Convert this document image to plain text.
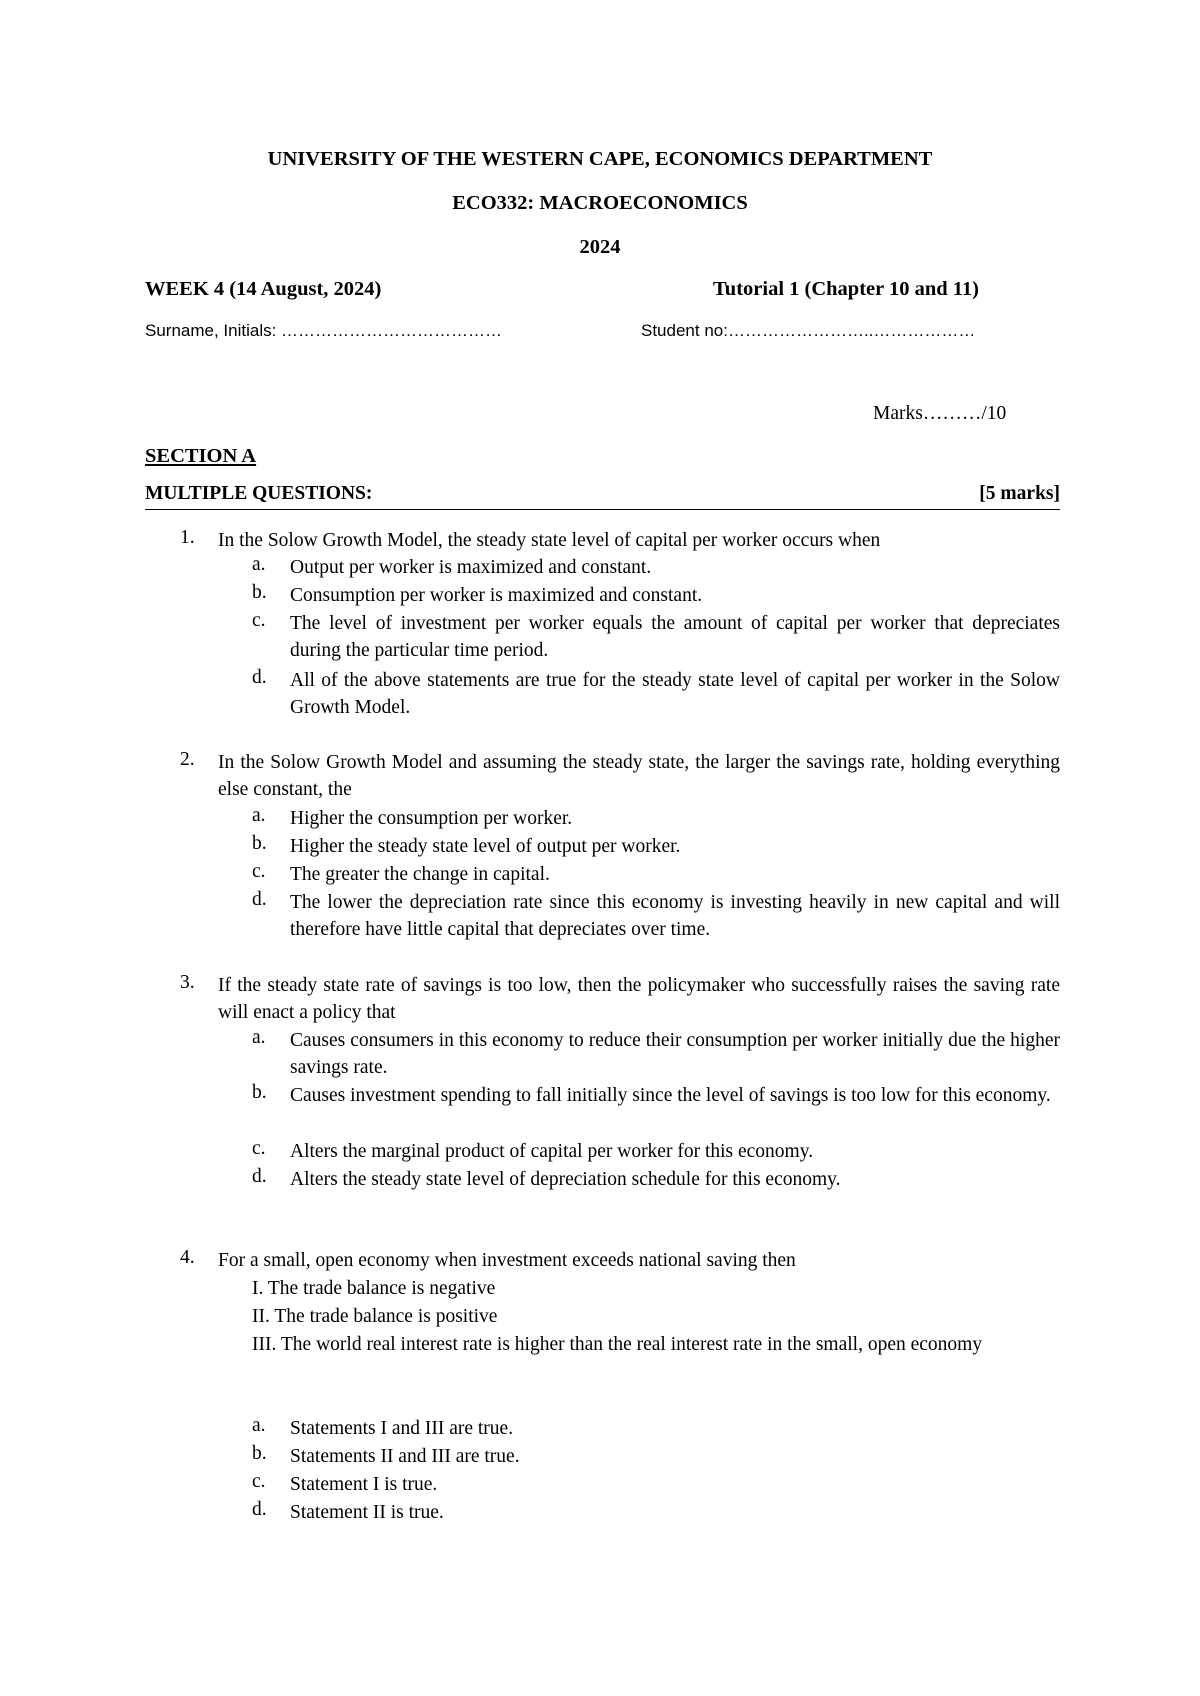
UNIVERSITY OF THE WESTERN CAPE, ECONOMICS DEPARTMENT
ECO332: MACROECONOMICS
2024
WEEK 4 (14 August, 2024)	Tutorial 1 (Chapter 10 and 11)
Surname, Initials: …………………………………	Student no:……………………..………………
Marks………/10
SECTION A
MULTIPLE QUESTIONS:	[5 marks]
1. In the Solow Growth Model, the steady state level of capital per worker occurs when
a. Output per worker is maximized and constant.
b. Consumption per worker is maximized and constant.
c. The level of investment per worker equals the amount of capital per worker that depreciates during the particular time period.
d. All of the above statements are true for the steady state level of capital per worker in the Solow Growth Model.
2. In the Solow Growth Model and assuming the steady state, the larger the savings rate, holding everything else constant, the
a. Higher the consumption per worker.
b. Higher the steady state level of output per worker.
c. The greater the change in capital.
d. The lower the depreciation rate since this economy is investing heavily in new capital and will therefore have little capital that depreciates over time.
3. If the steady state rate of savings is too low, then the policymaker who successfully raises the saving rate will enact a policy that
a. Causes consumers in this economy to reduce their consumption per worker initially due the higher savings rate.
b. Causes investment spending to fall initially since the level of savings is too low for this economy.
c. Alters the marginal product of capital per worker for this economy.
d. Alters the steady state level of depreciation schedule for this economy.
4. For a small, open economy when investment exceeds national saving then
I. The trade balance is negative
II. The trade balance is positive
III. The world real interest rate is higher than the real interest rate in the small, open economy
a. Statements I and III are true.
b. Statements II and III are true.
c. Statement I is true.
d. Statement II is true.
